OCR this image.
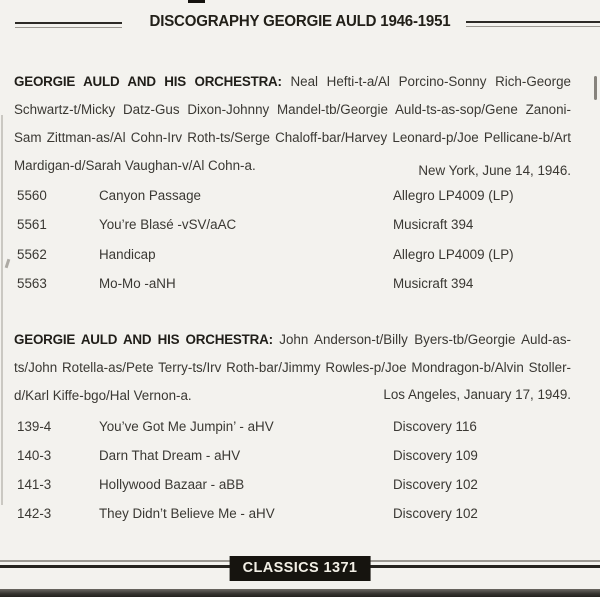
DISCOGRAPHY GEORGIE AULD 1946-1951

GEORGIE AULD AND HIS ORCHESTRA: Neal Hefti-t-a/Al Porcino-Sonny Rich-George Schwartz-t/Micky Datz-Gus Dixon-Johnny Mandel-tb/Georgie Auld-ts-as-sop/Gene Zanoni-Sam Zittman-as/Al Cohn-Irv Roth-ts/Serge Chaloff-bar/Harvey Leonard-p/Joe Pellicane-b/Art Mardigan-d/Sarah Vaughan-v/Al Cohn-a.	New York, June 14, 1946.

5560	Canyon Passage	Allegro LP4009 (LP)
5561	You’re Blasé -vSV/aAC	Musicraft 394
5562	Handicap	Allegro LP4009 (LP)
5563	Mo-Mo -aNH	Musicraft 394

GEORGIE AULD AND HIS ORCHESTRA: John Anderson-t/Billy Byers-tb/Georgie Auld-as-ts/John Rotella-as/Pete Terry-ts/Irv Roth-bar/Jimmy Rowles-p/Joe Mondragon-b/Alvin Stoller-d/Karl Kiffe-bgo/Hal Vernon-a.	Los Angeles, January 17, 1949.

139-4	You’ve Got Me Jumpin’ - aHV	Discovery 116
140-3	Darn That Dream - aHV	Discovery 109
141-3	Hollywood Bazaar - aBB	Discovery 102
142-3	They Didn’t Believe Me - aHV	Discovery 102
CLASSICS 1371
